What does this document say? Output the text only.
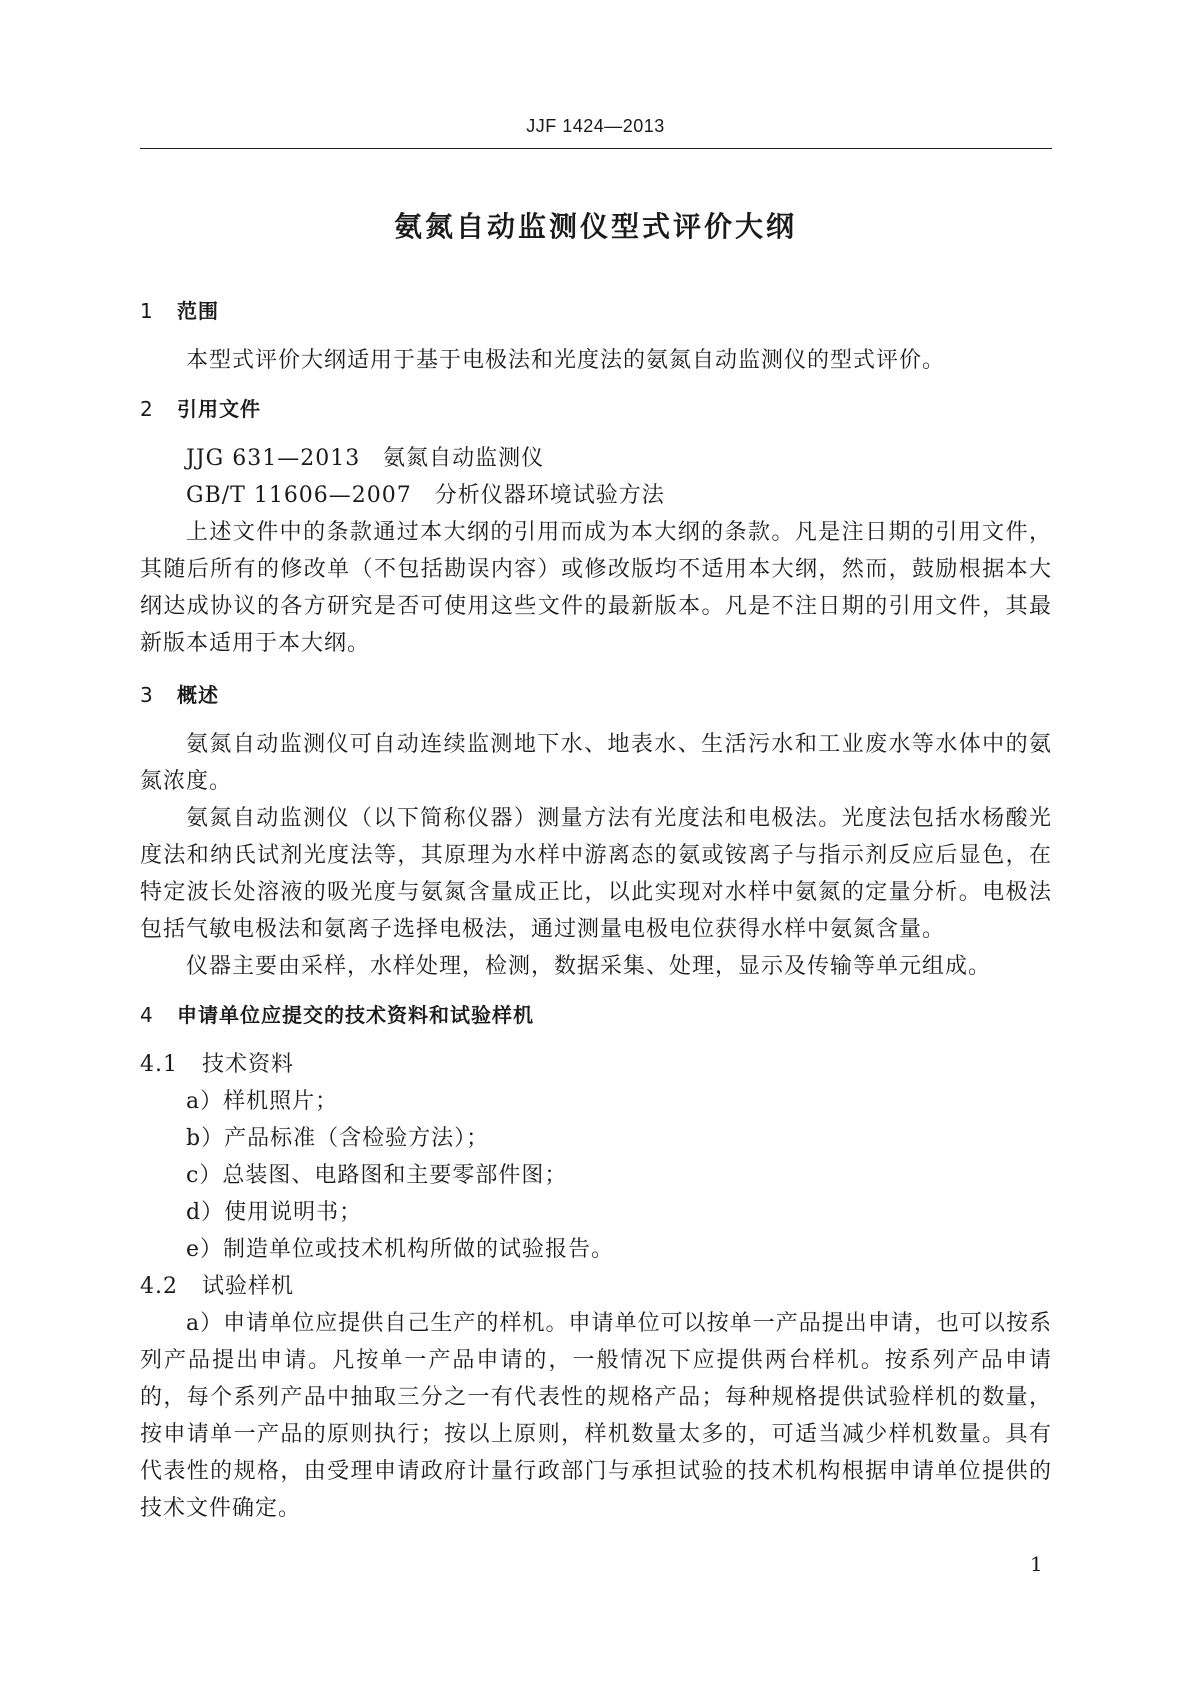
JJF 1424—2013
氨氮自动监测仪型式评价大纲
1 范围
本型式评价大纲适用于基于电极法和光度法的氨氮自动监测仪的型式评价。
2 引用文件
JJG 631—2013　氨氮自动监测仪
GB/T 11606—2007　分析仪器环境试验方法
上述文件中的条款通过本大纲的引用而成为本大纲的条款。凡是注日期的引用文件，其随后所有的修改单（不包括勘误内容）或修改版均不适用本大纲，然而，鼓励根据本大纲达成协议的各方研究是否可使用这些文件的最新版本。凡是不注日期的引用文件，其最新版本适用于本大纲。
3 概述
氨氮自动监测仪可自动连续监测地下水、地表水、生活污水和工业废水等水体中的氨氮浓度。
氨氮自动监测仪（以下简称仪器）测量方法有光度法和电极法。光度法包括水杨酸光度法和纳氏试剂光度法等，其原理为水样中游离态的氨或铵离子与指示剂反应后显色，在特定波长处溶液的吸光度与氨氮含量成正比，以此实现对水样中氨氮的定量分析。电极法包括气敏电极法和氨离子选择电极法，通过测量电极电位获得水样中氨氮含量。
仪器主要由采样，水样处理，检测，数据采集、处理，显示及传输等单元组成。
4 申请单位应提交的技术资料和试验样机
4.1 技术资料
a）样机照片；
b）产品标准（含检验方法）；
c）总装图、电路图和主要零部件图；
d）使用说明书；
e）制造单位或技术机构所做的试验报告。
4.2 试验样机
a）申请单位应提供自己生产的样机。申请单位可以按单一产品提出申请，也可以按系列产品提出申请。凡按单一产品申请的，一般情况下应提供两台样机。按系列产品申请的，每个系列产品中抽取三分之一有代表性的规格产品；每种规格提供试验样机的数量，按申请单一产品的原则执行；按以上原则，样机数量太多的，可适当减少样机数量。具有代表性的规格，由受理申请政府计量行政部门与承担试验的技术机构根据申请单位提供的技术文件确定。
1
